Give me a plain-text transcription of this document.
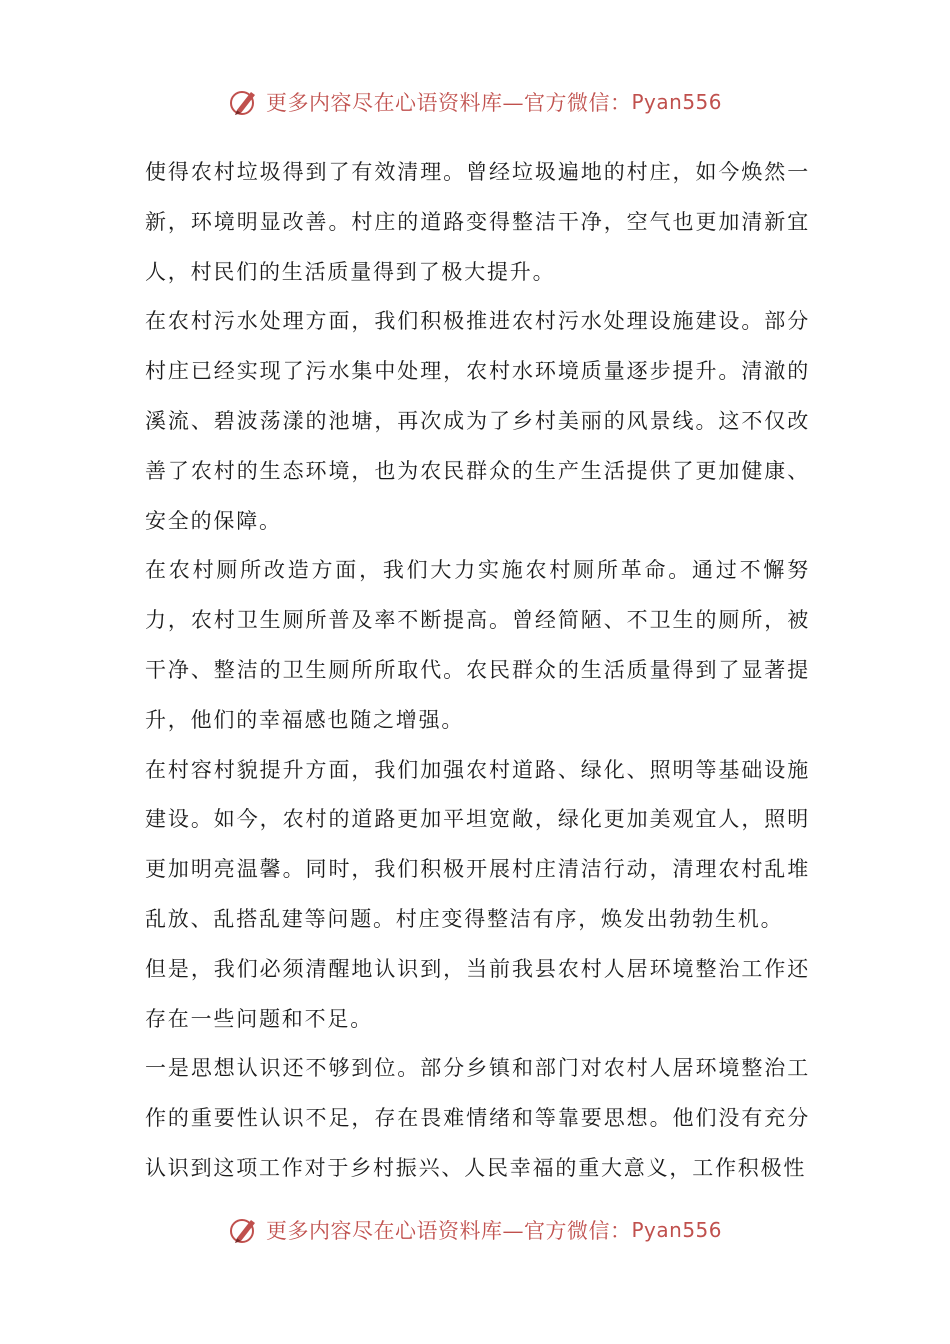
更多内容尽在心语资料库—官方微信： Pyan556

使得农村垃圾得到了有效清理。曾经垃圾遍地的村庄，如今焕然一新，环境明显改善。村庄的道路变得整洁干净，空气也更加清新宜人，村民们的生活质量得到了极大提升。

在农村污水处理方面，我们积极推进农村污水处理设施建设。部分村庄已经实现了污水集中处理，农村水环境质量逐步提升。清澈的溪流、碧波荡漾的池塘，再次成为了乡村美丽的风景线。这不仅改善了农村的生态环境，也为农民群众的生产生活提供了更加健康、安全的保障。

在农村厕所改造方面，我们大力实施农村厕所革命。通过不懈努力，农村卫生厕所普及率不断提高。曾经简陋、不卫生的厕所，被干净、整洁的卫生厕所所取代。农民群众的生活质量得到了显著提升，他们的幸福感也随之增强。

在村容村貌提升方面，我们加强农村道路、绿化、照明等基础设施建设。如今，农村的道路更加平坦宽敞，绿化更加美观宜人，照明更加明亮温馨。同时，我们积极开展村庄清洁行动，清理农村乱堆乱放、乱搭乱建等问题。村庄变得整洁有序，焕发出勃勃生机。

但是，我们必须清醒地认识到，当前我县农村人居环境整治工作还存在一些问题和不足。

一是思想认识还不够到位。部分乡镇和部门对农村人居环境整治工作的重要性认识不足，存在畏难情绪和等靠要思想。他们没有充分认识到这项工作对于乡村振兴、人民幸福的重大意义，工作积极性

更多内容尽在心语资料库—官方微信： Pyan556
